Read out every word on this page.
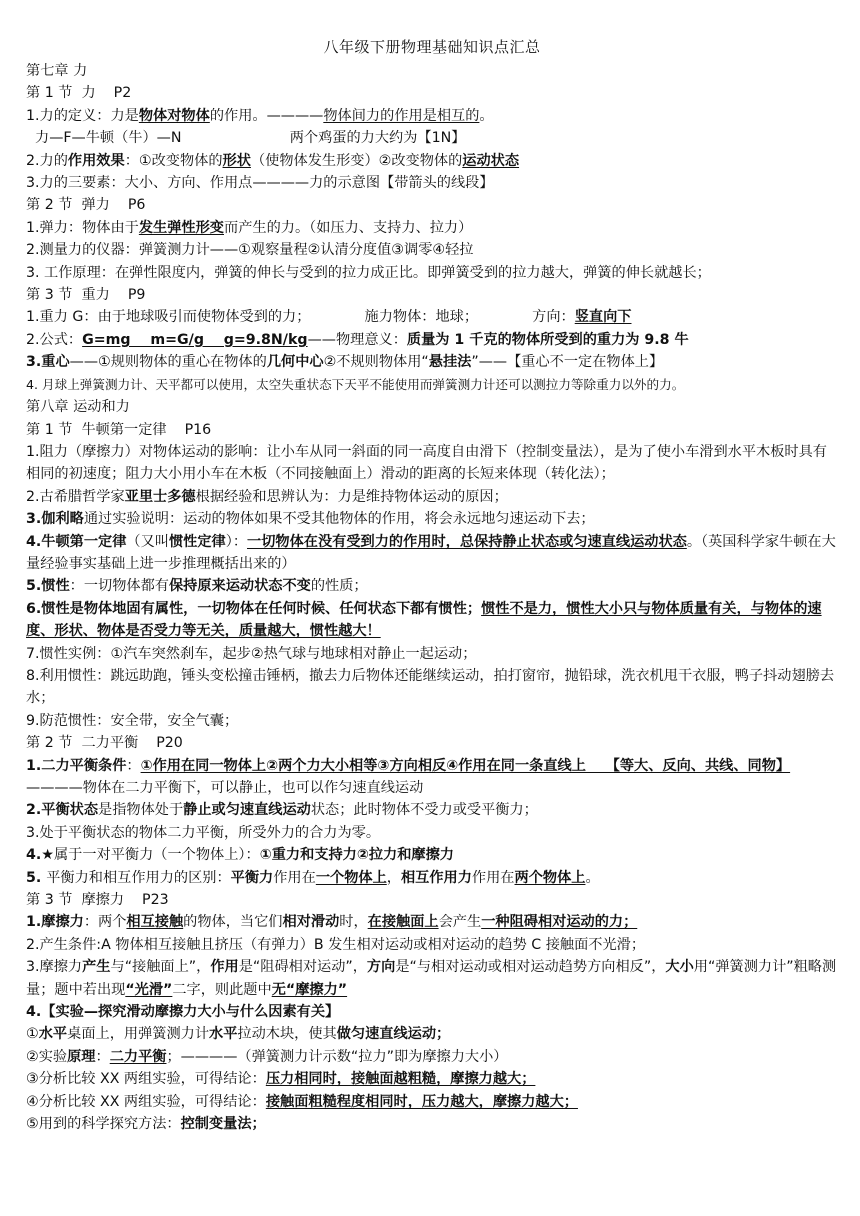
八年级下册物理基础知识点汇总
第七章 力
第 1 节  力    P2
1.力的定义：力是物体对物体的作用。————物体间力的作用是相互的。
力—F—牛顿（牛）—N                        两个鸡蛋的力大约为【1N】
2.力的作用效果：①改变物体的形状（使物体发生形变）②改变物体的运动状态
3.力的三要素：大小、方向、作用点————力的示意图【带箭头的线段】
第 2 节  弹力    P6
1.弹力：物体由于发生弹性形变而产生的力。（如压力、支持力、拉力）
2.测量力的仪器：弹簧测力计——①观察量程②认清分度值③调零④轻拉
3. 工作原理：在弹性限度内，弹簧的伸长与受到的拉力成正比。即弹簧受到的拉力越大，弹簧的伸长就越长；
第 3 节  重力    P9
1.重力 G：由于地球吸引而使物体受到的力；            施力物体：地球；            方向：竖直向下
2.公式：G=mg    m=G/g    g=9.8N/kg——物理意义：质量为 1 千克的物体所受到的重力为 9.8 牛
3.重心——①规则物体的重心在物体的几何中心②不规则物体用“悬挂法”——【重心不一定在物体上】
4. 月球上弹簧测力计、天平都可以使用，太空失重状态下天平不能使用而弹簧测力计还可以测拉力等除重力以外的力。
第八章 运动和力
第 1 节  牛顿第一定律    P16
1.阻力（摩擦力）对物体运动的影响：让小车从同一斜面的同一高度自由滑下（控制变量法），是为了使小车滑到水平木板时具有相同的初速度；阻力大小用小车在木板（不同接触面上）滑动的距离的长短来体现（转化法）；
2.古希腊哲学家亚里士多德根据经验和思辨认为：力是维持物体运动的原因；
3.伽利略通过实验说明：运动的物体如果不受其他物体的作用，将会永远地匀速运动下去；
4.牛顿第一定律（又叫惯性定律）：一切物体在没有受到力的作用时，总保持静止状态或匀速直线运动状态。（英国科学家牛顿在大量经验事实基础上进一步推理概括出来的）
5.惯性：一切物体都有保持原来运动状态不变的性质；
6.惯性是物体地固有属性，一切物体在任何时候、任何状态下都有惯性；惯性不是力，惯性大小只与物体质量有关，与物体的速度、形状、物体是否受力等无关，质量越大，惯性越大！
7.惯性实例：①汽车突然刹车，起步②热气球与地球相对静止一起运动；
8.利用惯性：跳远助跑，锤头变松撞击锤柄，撤去力后物体还能继续运动，拍打窗帘，抛铅球，洗衣机甩干衣服，鸭子抖动翅膀去水；
9.防范惯性：安全带，安全气囊；
第 2 节  二力平衡    P20
1.二力平衡条件：①作用在同一物体上②两个力大小相等③方向相反④作用在同一条直线上    【等大、反向、共线、同物】————物体在二力平衡下，可以静止，也可以作匀速直线运动
2.平衡状态是指物体处于静止或匀速直线运动状态；此时物体不受力或受平衡力；
3.处于平衡状态的物体二力平衡，所受外力的合力为零。
4.★属于一对平衡力（一个物体上）：①重力和支持力②拉力和摩擦力
5. 平衡力和相互作用力的区别：平衡力作用在一个物体上，相互作用力作用在两个物体上。
第 3 节  摩擦力    P23
1.摩擦力：两个相互接触的物体，当它们相对滑动时，在接触面上会产生一种阻碍相对运动的力；
2.产生条件:A 物体相互接触且挤压（有弹力）B 发生相对运动或相对运动的趋势 C 接触面不光滑；
3.摩擦力产生与“接触面上”，作用是“阻碍相对运动”，方向是“与相对运动或相对运动趋势方向相反”，大小用“弹簧测力计”粗略测量；题中若出现“光滑”二字，则此题中无“摩擦力”
4.【实验—探究滑动摩擦力大小与什么因素有关】
①水平桌面上，用弹簧测力计水平拉动木块，使其做匀速直线运动；
②实验原理：二力平衡；————（弹簧测力计示数“拉力”即为摩擦力大小）
③分析比较 XX 两组实验，可得结论：压力相同时，接触面越粗糙，摩擦力越大；
④分析比较 XX 两组实验，可得结论：接触面粗糙程度相同时，压力越大，摩擦力越大；
⑤用到的科学探究方法：控制变量法；
